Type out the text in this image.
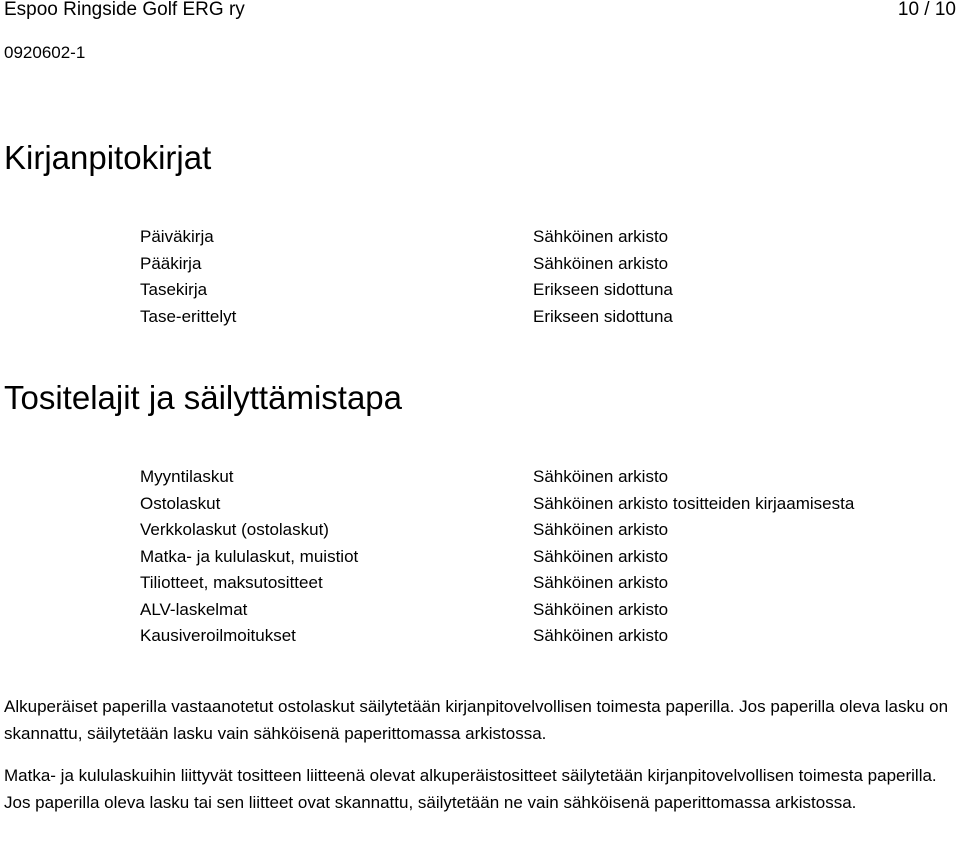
Espoo Ringside Golf ERG ry	10 / 10
0920602-1
Kirjanpitokirjat
Päiväkirja	Sähköinen arkisto
Pääkirja	Sähköinen arkisto
Tasekirja	Erikseen sidottuna
Tase-erittelyt	Erikseen sidottuna
Tositelajit ja säilyttämistapa
Myyntilaskut	Sähköinen arkisto
Ostolaskut	Sähköinen arkisto tositteiden kirjaamisesta
Verkkolaskut (ostolaskut)	Sähköinen arkisto
Matka- ja kululaskut, muistiot	Sähköinen arkisto
Tiliotteet, maksutositteet	Sähköinen arkisto
ALV-laskelmat	Sähköinen arkisto
Kausiveroilmoitukset	Sähköinen arkisto

Alkuperäiset paperilla vastaanotetut ostolaskut säilytetään kirjanpitovelvollisen toimesta paperilla. Jos paperilla oleva lasku on skannattu, säilytetään lasku vain sähköisenä paperittomassa arkistossa.

Matka- ja kululaskuihin liittyvät tositteen liitteenä olevat alkuperäistositteet säilytetään kirjanpitovelvollisen toimesta paperilla. Jos paperilla oleva lasku tai sen liitteet ovat skannattu, säilytetään ne vain sähköisenä paperittomassa arkistossa.
